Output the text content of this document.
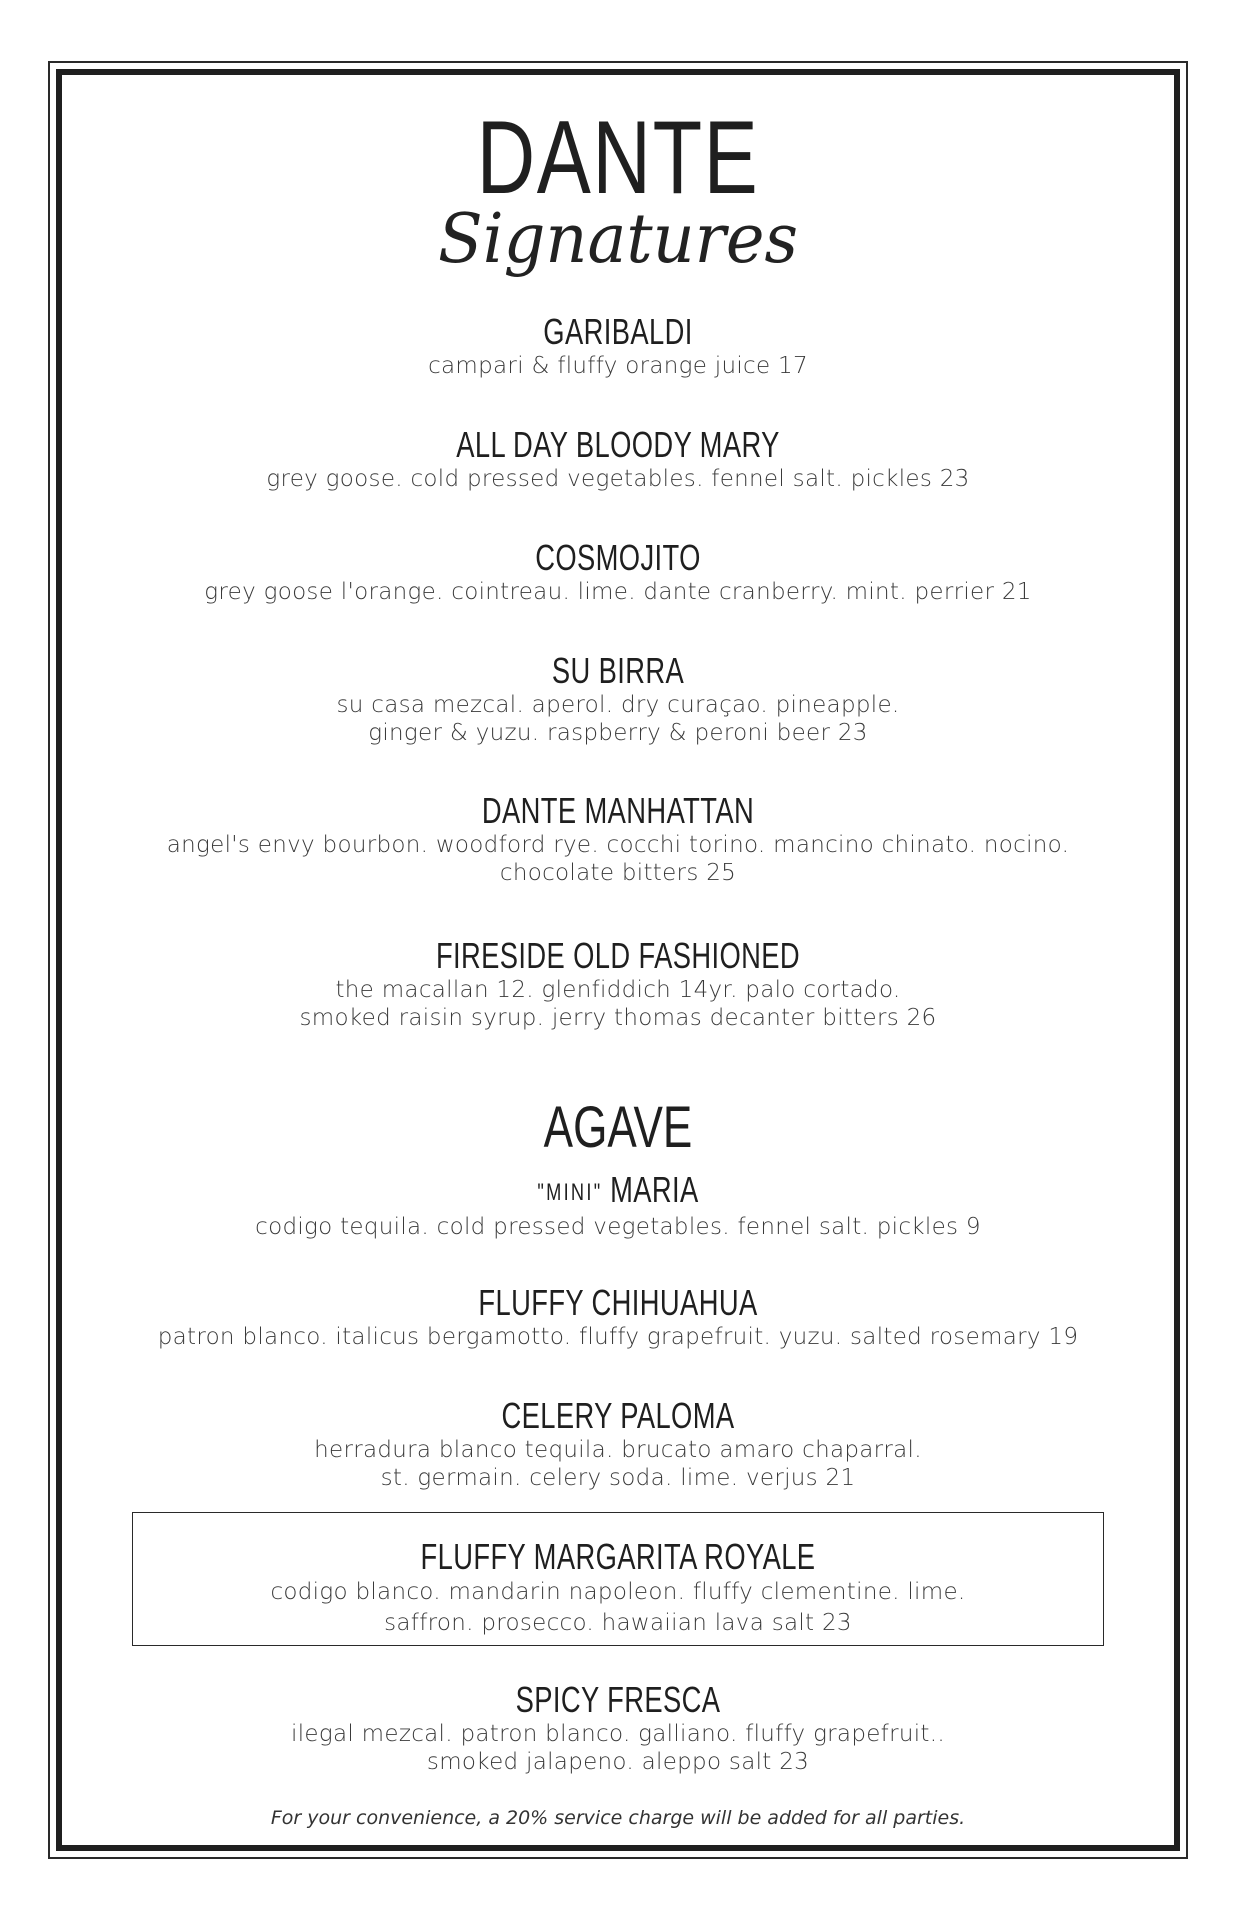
DANTE
Signatures
GARIBALDI
campari & fluffy orange juice 17
ALL DAY BLOODY MARY
grey goose. cold pressed vegetables. fennel salt. pickles 23
COSMOJITO
grey goose l'orange. cointreau. lime. dante cranberry. mint. perrier 21
SU BIRRA
su casa mezcal. aperol. dry curaçao. pineapple.
ginger & yuzu. raspberry & peroni beer 23
DANTE MANHATTAN
angel's envy bourbon. woodford rye. cocchi torino. mancino chinato. nocino.
chocolate bitters 25
FIRESIDE OLD FASHIONED
the macallan 12. glenfiddich 14yr. palo cortado.
smoked raisin syrup. jerry thomas decanter bitters 26
AGAVE
"MINI" MARIA
codigo tequila. cold pressed vegetables. fennel salt. pickles 9
FLUFFY CHIHUAHUA
patron blanco. italicus bergamotto. fluffy grapefruit. yuzu. salted rosemary 19
CELERY PALOMA
herradura blanco tequila. brucato amaro chaparral.
st. germain. celery soda. lime. verjus 21
FLUFFY MARGARITA ROYALE
codigo blanco. mandarin napoleon. fluffy clementine. lime.
saffron. prosecco. hawaiian lava salt 23
SPICY FRESCA
ilegal mezcal. patron blanco. galliano. fluffy grapefruit..
smoked jalapeno. aleppo salt 23
For your convenience, a 20% service charge will be added for all parties.
